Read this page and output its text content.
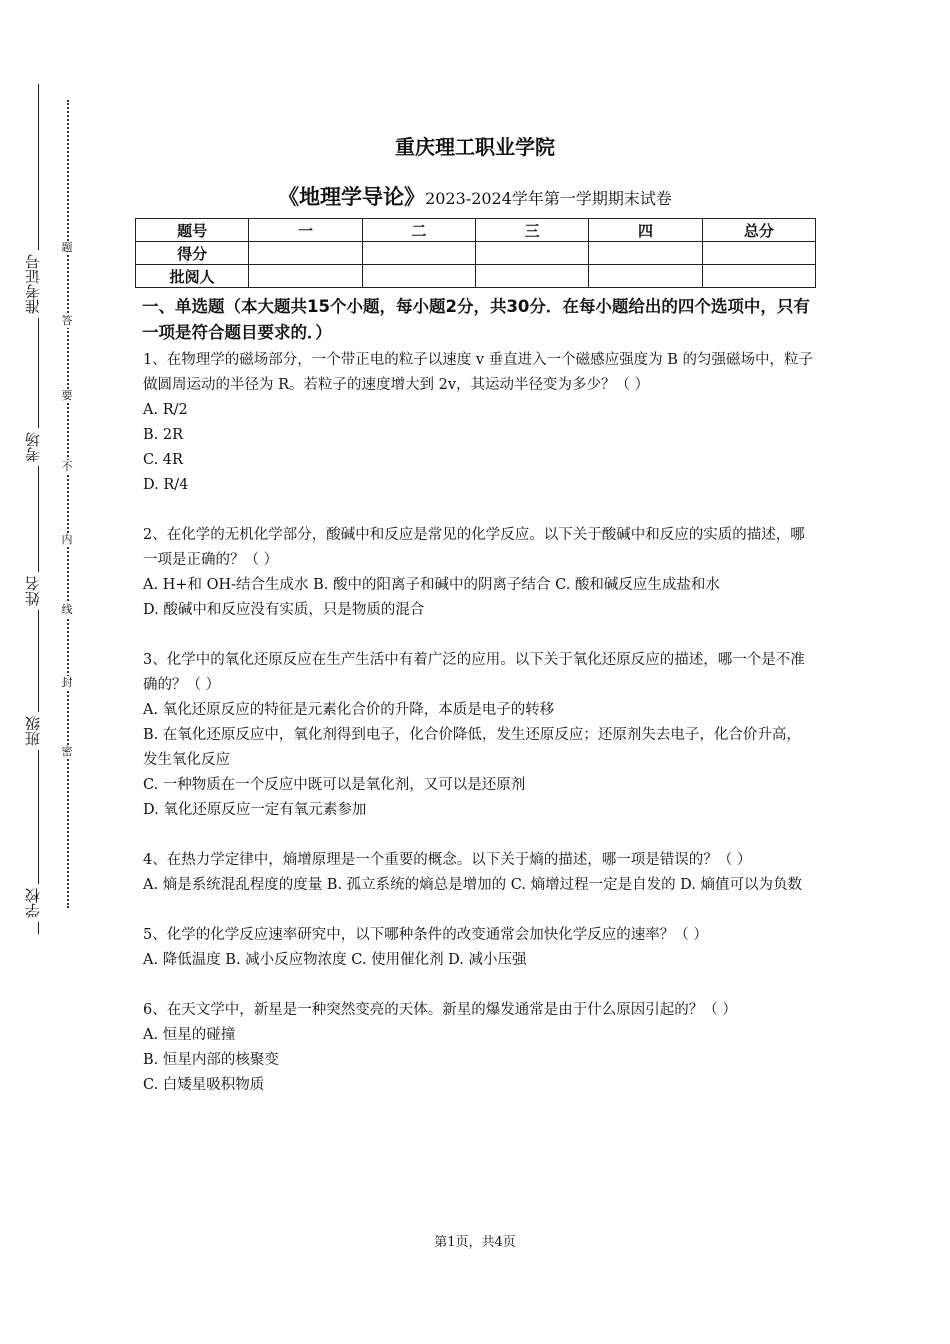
准考证号
考场
姓名
班级
学校
题
答
要
不
内
线
封
密
重庆理工职业学院
《地理学导论》2023-2024学年第一学期期末试卷
题号	一	二	三	四	总分
得分					
批阅人					
一、单选题（本大题共15个小题，每小题2分，共30分．在每小题给出的四个选项中，只有一项是符合题目要求的．）

1、在物理学的磁场部分，一个带正电的粒子以速度 v 垂直进入一个磁感应强度为 B 的匀强磁场中，粒子做圆周运动的半径为 R。若粒子的速度增大到 2v，其运动半径变为多少？（ ）

A. R/2

B. 2R

C. 4R

D. R/4

2、在化学的无机化学部分，酸碱中和反应是常见的化学反应。以下关于酸碱中和反应的实质的描述，哪一项是正确的？（ ）

A. H+和 OH-结合生成水 B. 酸中的阳离子和碱中的阴离子结合 C. 酸和碱反应生成盐和水

D. 酸碱中和反应没有实质，只是物质的混合

3、化学中的氧化还原反应在生产生活中有着广泛的应用。以下关于氧化还原反应的描述，哪一个是不准确的？（ ）

A. 氧化还原反应的特征是元素化合价的升降，本质是电子的转移

B. 在氧化还原反应中，氧化剂得到电子，化合价降低，发生还原反应；还原剂失去电子，化合价升高，发生氧化反应

C. 一种物质在一个反应中既可以是氧化剂，又可以是还原剂

D. 氧化还原反应一定有氧元素参加

4、在热力学定律中，熵增原理是一个重要的概念。以下关于熵的描述，哪一项是错误的？（ ）

A. 熵是系统混乱程度的度量 B. 孤立系统的熵总是增加的 C. 熵增过程一定是自发的 D. 熵值可以为负数

5、化学的化学反应速率研究中，以下哪种条件的改变通常会加快化学反应的速率？（ ）

A. 降低温度 B. 减小反应物浓度 C. 使用催化剂 D. 减小压强

6、在天文学中，新星是一种突然变亮的天体。新星的爆发通常是由于什么原因引起的？（ ）

A. 恒星的碰撞

B. 恒星内部的核聚变

C. 白矮星吸积物质

第1页，共4页
